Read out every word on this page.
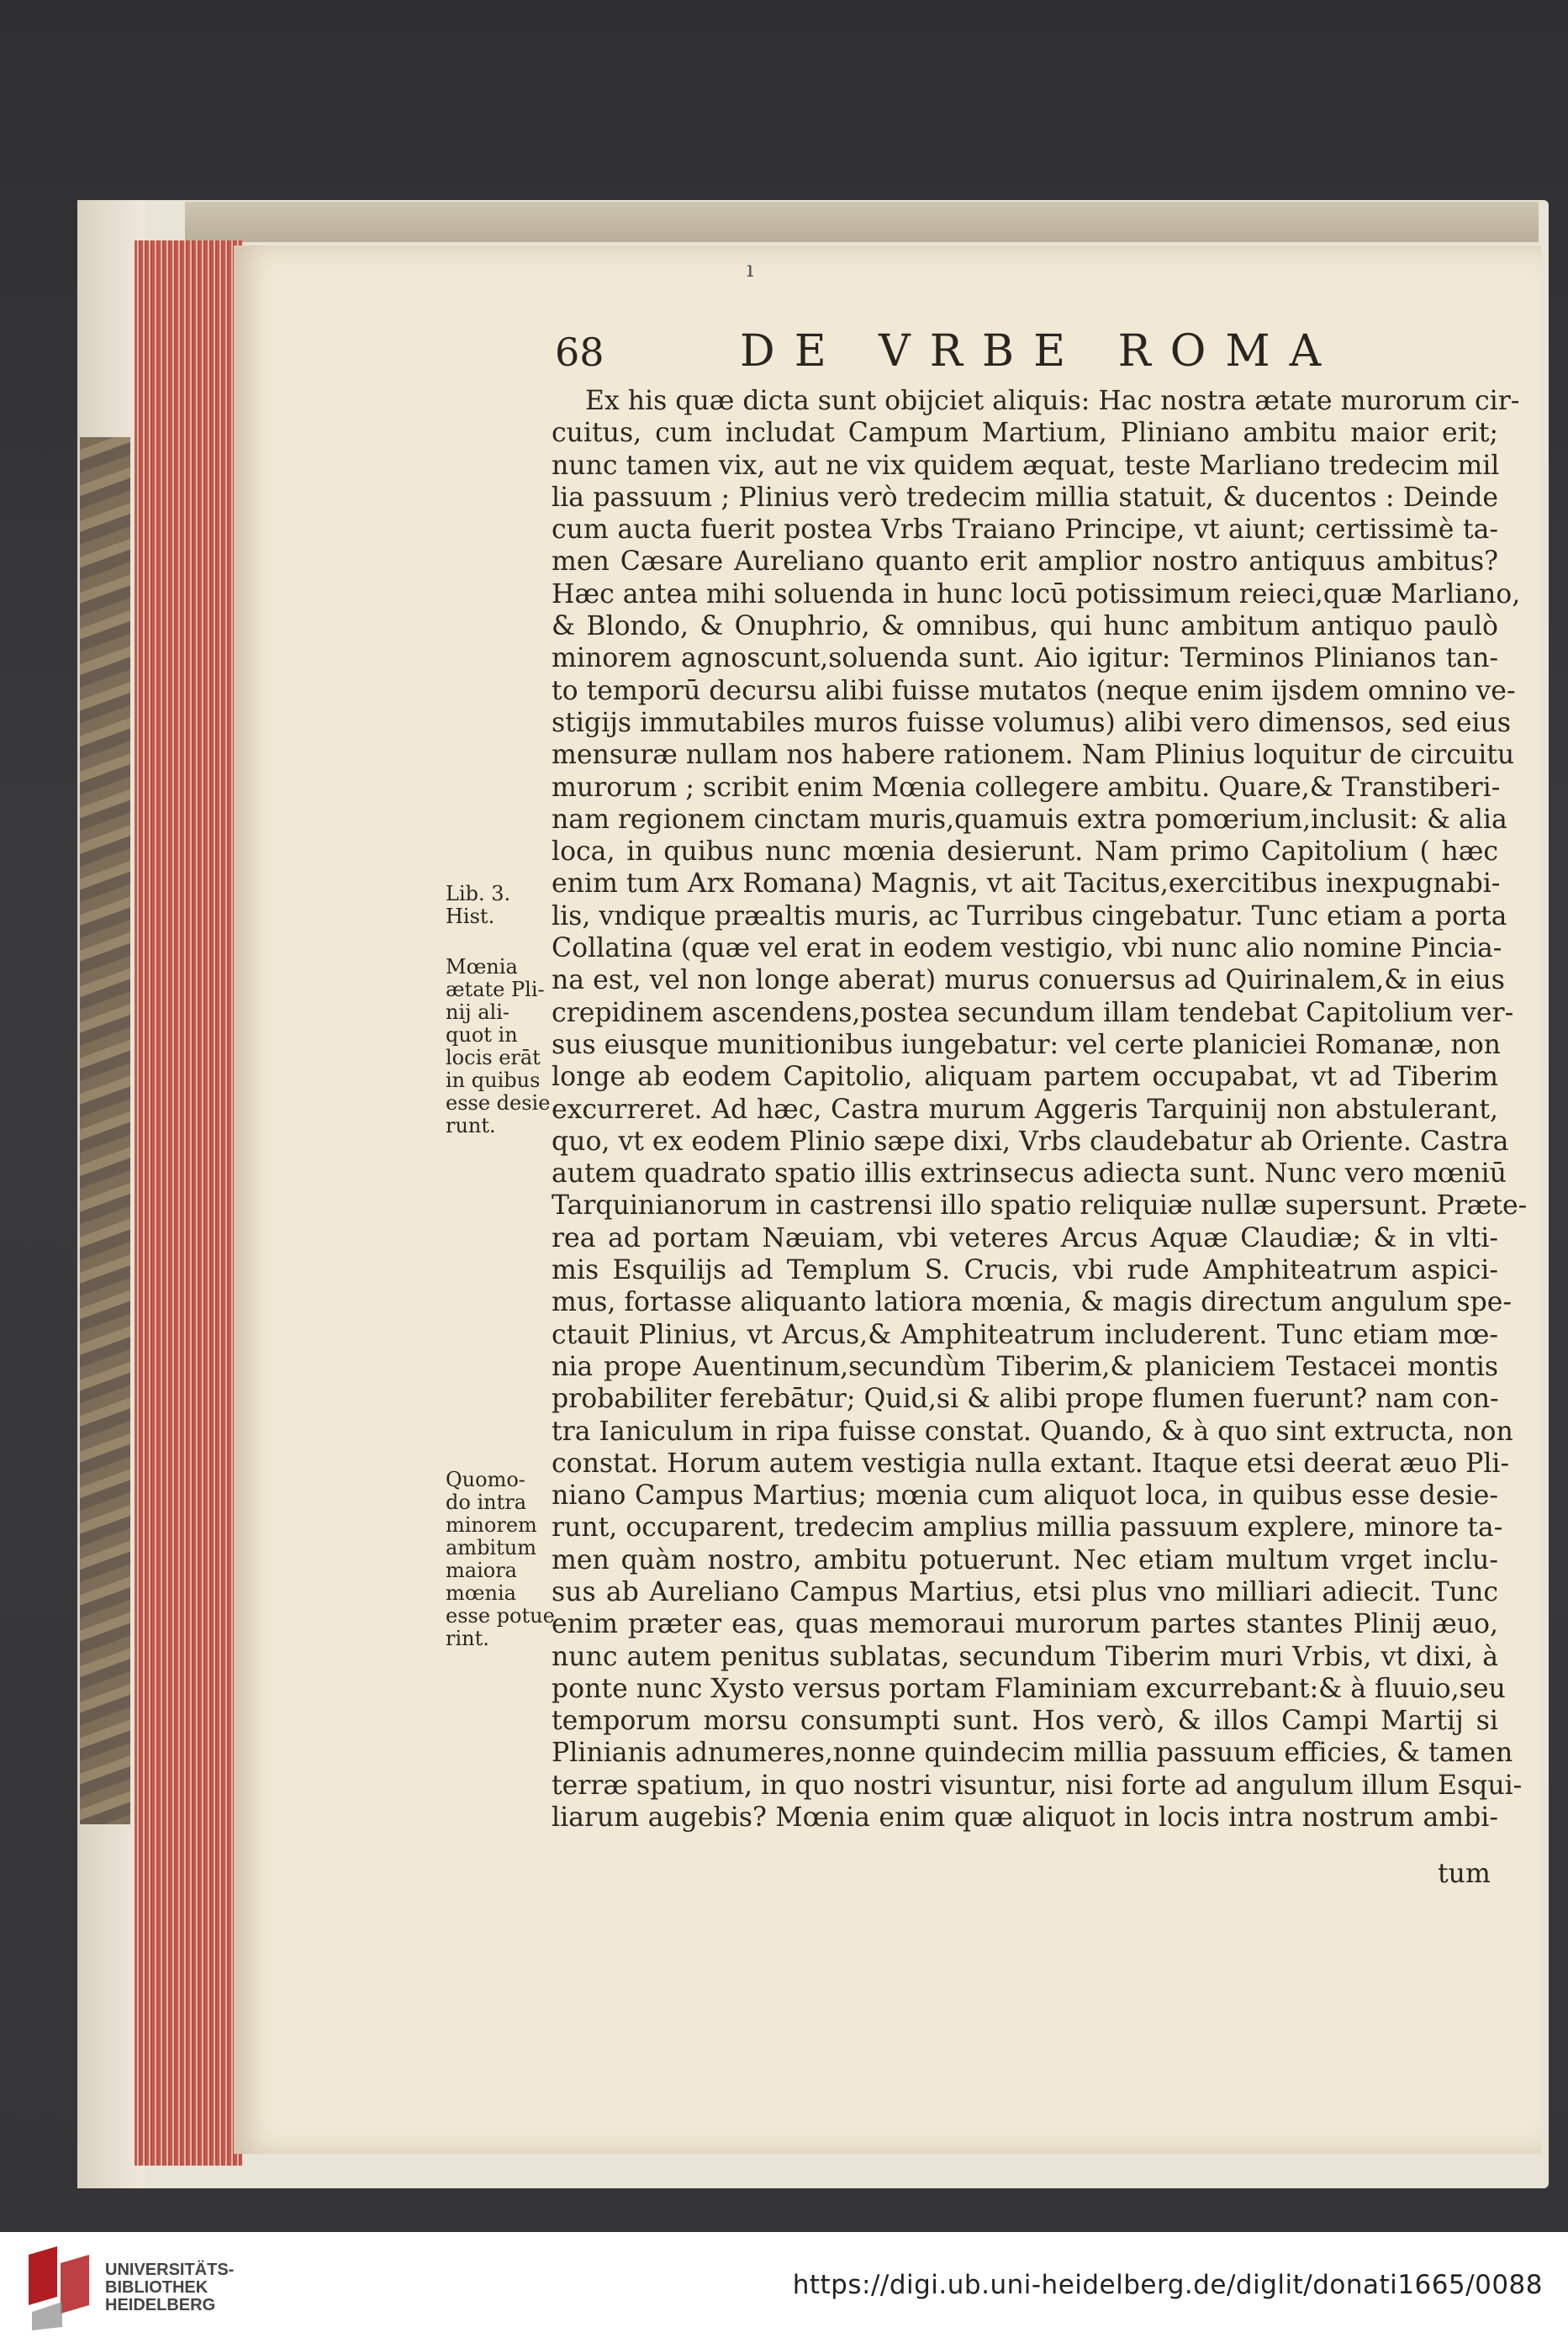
ı
68	DE VRBE ROMA
Ex his quæ dicta sunt obijciet aliquis: Hac nostra ætate murorum cir-
cuitus, cum includat Campum Martium, Pliniano ambitu maior erit;
nunc tamen vix, aut ne vix quidem æquat, teste Marliano tredecim mil
lia passuum ; Plinius verò tredecim millia statuit, & ducentos : Deinde
cum aucta fuerit postea Vrbs Traiano Principe, vt aiunt; certissimè ta-
men Cæsare Aureliano quanto erit amplior nostro antiquus ambitus?
Hæc antea mihi soluenda in hunc locū potissimum reieci,quæ Marliano,
& Blondo, & Onuphrio, & omnibus, qui hunc ambitum antiquo paulò
minorem agnoscunt,soluenda sunt. Aio igitur: Terminos Plinianos tan-
to temporū decursu alibi fuisse mutatos (neque enim ijsdem omnino ve-
stigijs immutabiles muros fuisse volumus) alibi vero dimensos, sed eius
mensuræ nullam nos habere rationem. Nam Plinius loquitur de circuitu
murorum ; scribit enim Mœnia collegere ambitu. Quare,& Transtiberi-
nam regionem cinctam muris,quamuis extra pomœrium,inclusit: & alia
loca, in quibus nunc mœnia desierunt. Nam primo Capitolium ( hæc
enim tum Arx Romana) Magnis, vt ait Tacitus,exercitibus inexpugnabi-
lis, vndique præaltis muris, ac Turribus cingebatur. Tunc etiam a porta
Collatina (quæ vel erat in eodem vestigio, vbi nunc alio nomine Pincia-
na est, vel non longe aberat) murus conuersus ad Quirinalem,& in eius
crepidinem ascendens,postea secundum illam tendebat Capitolium ver-
sus eiusque munitionibus iungebatur: vel certe planiciei Romanæ, non
longe ab eodem Capitolio, aliquam partem occupabat, vt ad Tiberim
excurreret. Ad hæc, Castra murum Aggeris Tarquinij non abstulerant,
quo, vt ex eodem Plinio sæpe dixi, Vrbs claudebatur ab Oriente. Castra
autem quadrato spatio illis extrinsecus adiecta sunt. Nunc vero mœniū
Tarquinianorum in castrensi illo spatio reliquiæ nullæ supersunt. Præte-
rea ad portam Næuiam, vbi veteres Arcus Aquæ Claudiæ; & in vlti-
mis Esquilijs ad Templum S. Crucis, vbi rude Amphiteatrum aspici-
mus, fortasse aliquanto latiora mœnia, & magis directum angulum spe-
ctauit Plinius, vt Arcus,& Amphiteatrum includerent. Tunc etiam mœ-
nia prope Auentinum,secundùm Tiberim,& planiciem Testacei montis
probabiliter ferebātur; Quid,si & alibi prope flumen fuerunt? nam con-
tra Ianiculum in ripa fuisse constat. Quando, & à quo sint extructa, non
constat. Horum autem vestigia nulla extant. Itaque etsi deerat æuo Pli-
niano Campus Martius; mœnia cum aliquot loca, in quibus esse desie-
runt, occuparent, tredecim amplius millia passuum explere, minore ta-
men quàm nostro, ambitu potuerunt. Nec etiam multum vrget inclu-
sus ab Aureliano Campus Martius, etsi plus vno milliari adiecit. Tunc
enim præter eas, quas memoraui murorum partes stantes Plinij æuo,
nunc autem penitus sublatas, secundum Tiberim muri Vrbis, vt dixi, à
ponte nunc Xysto versus portam Flaminiam excurrebant:& à fluuio,seu
temporum morsu consumpti sunt. Hos verò, & illos Campi Martij si
Plinianis adnumeres,nonne quindecim millia passuum efficies, & tamen
terræ spatium, in quo nostri visuntur, nisi forte ad angulum illum Esqui-
liarum augebis? Mœnia enim quæ aliquot in locis intra nostrum ambi-
Lib. 3.
Hist.
Mœnia
ætate Pli-
nij ali-
quot in
locis erāt
in quibus
esse desie
runt.
Quomo-
do intra
minorem
ambitum
maiora
mœnia
esse potue
rint.
tum
UNIVERSITÄTS-
BIBLIOTHEK
HEIDELBERG
https://digi.ub.uni-heidelberg.de/diglit/donati1665/0088
